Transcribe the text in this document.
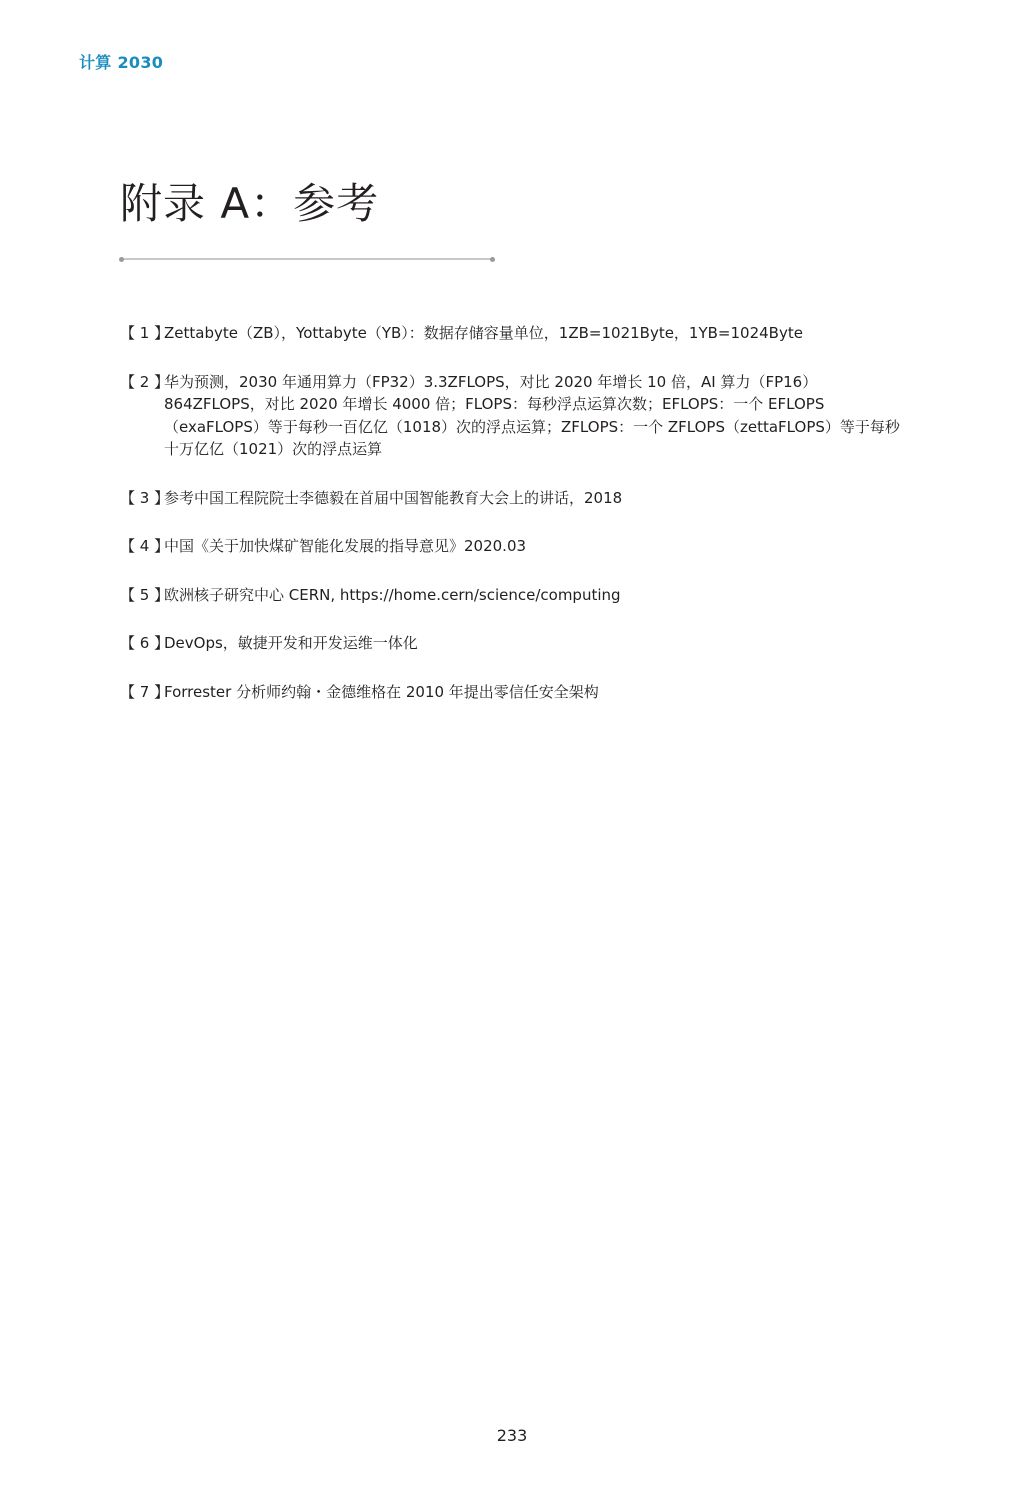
计算 2030
附录 A：参考
【 1 】
Zettabyte（ZB），Yottabyte（YB）：数据存储容量单位，1ZB=1021Byte，1YB=1024Byte
【 2 】
华为预测，2030 年通用算力（FP32）3.3ZFLOPS，对比 2020 年增长 10 倍，AI 算力（FP16）864ZFLOPS，对比 2020 年增长 4000 倍；FLOPS：每秒浮点运算次数；EFLOPS：一个 EFLOPS（exaFLOPS）等于每秒一百亿亿（1018）次的浮点运算；ZFLOPS：一个 ZFLOPS（zettaFLOPS）等于每秒十万亿亿（1021）次的浮点运算
【 3 】
参考中国工程院院士李德毅在首届中国智能教育大会上的讲话，2018
【 4 】
中国《关于加快煤矿智能化发展的指导意见》2020.03
【 5 】
欧洲核子研究中心 CERN, https://home.cern/science/computing
【 6 】
DevOps，敏捷开发和开发运维一体化
【 7 】
Forrester 分析师约翰・金德维格在 2010 年提出零信任安全架构
233
